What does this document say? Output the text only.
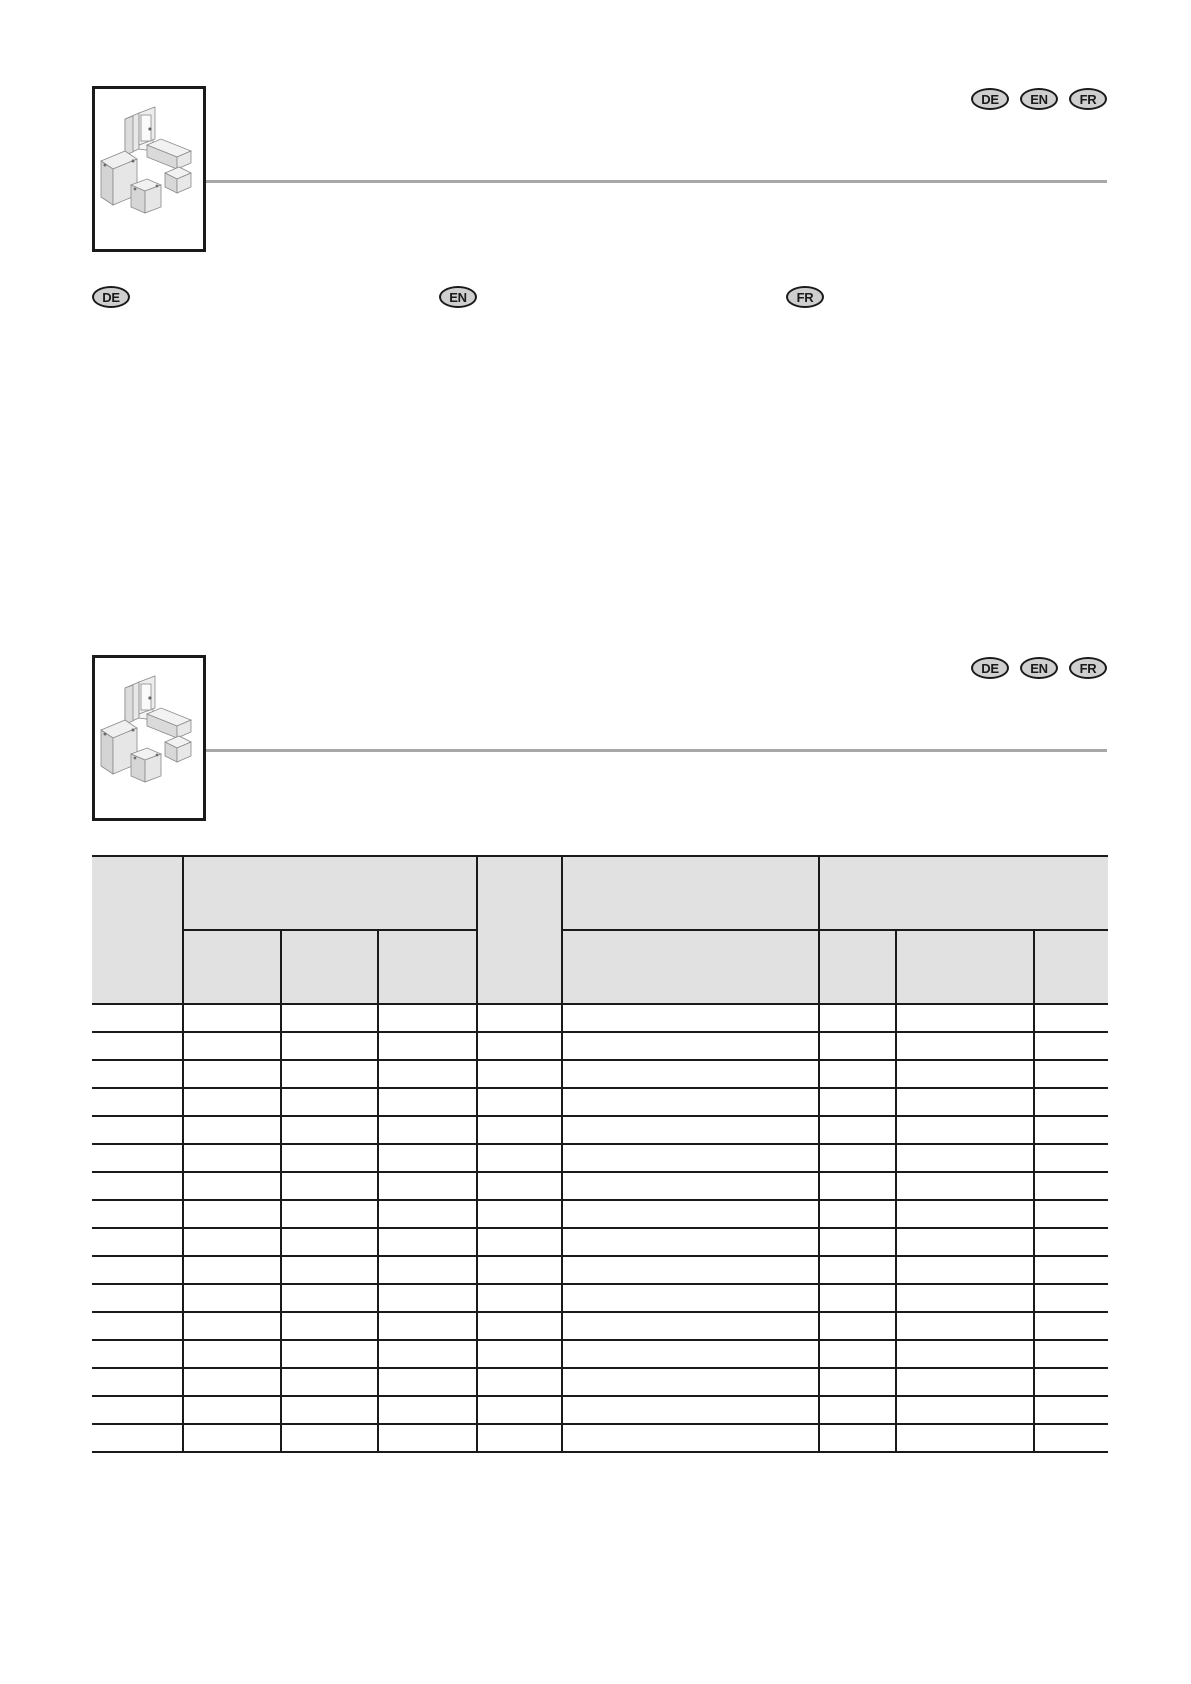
DE	EN	FR
DE	EN	FR
DE	EN	FR
